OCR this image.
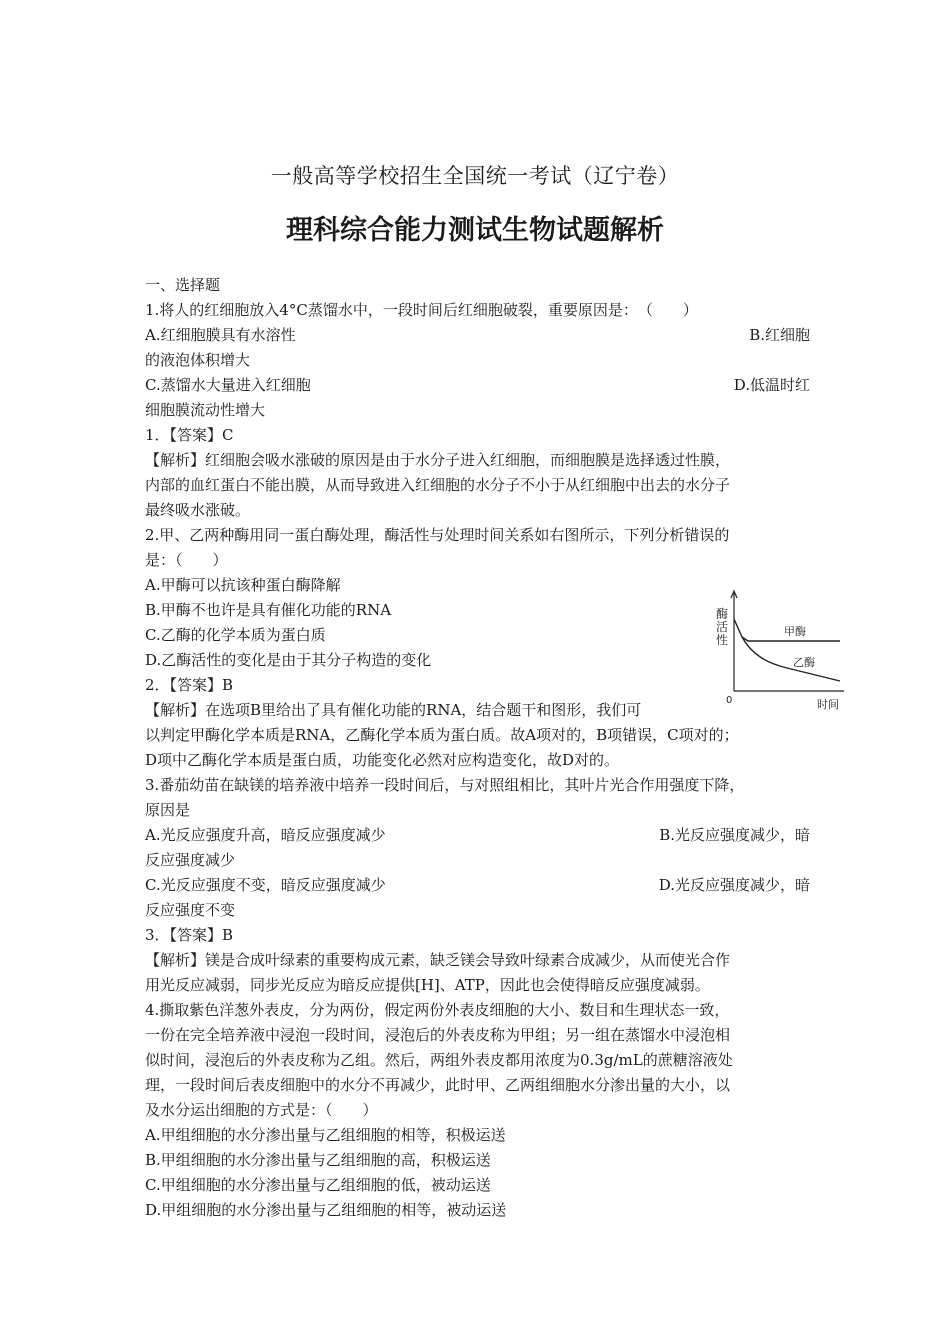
一般高等学校招生全国统一考试（辽宁卷）
理科综合能力测试生物试题解析
一、选择题
1.将人的红细胞放入4°C蒸馏水中，一段时间后红细胞破裂，重要原因是：　（　　）
A.红细胞膜具有水溶性	B.红细胞
的液泡体积增大
C.蒸馏水大量进入红细胞	D.低温时红
细胞膜流动性增大
1．【答案】C
【解析】红细胞会吸水涨破的原因是由于水分子进入红细胞，而细胞膜是选择透过性膜，
内部的血红蛋白不能出膜，从而导致进入红细胞的水分子不小于从红细胞中出去的水分子
最终吸水涨破。
2.甲、乙两种酶用同一蛋白酶处理，酶活性与处理时间关系如右图所示，下列分析错误的
是：（　　）
A.甲酶可以抗该种蛋白酶降解
B.甲酶不也许是具有催化功能的RNA
C.乙酶的化学本质为蛋白质
D.乙酶活性的变化是由于其分子构造的变化
2．【答案】B
【解析】在选项B里给出了具有催化功能的RNA，结合题干和图形，我们可
以判定甲酶化学本质是RNA，乙酶化学本质为蛋白质。故A项对的，B项错误，C项对的；
D项中乙酶化学本质是蛋白质，功能变化必然对应构造变化，故D对的。
3.番茄幼苗在缺镁的培养液中培养一段时间后，与对照组相比，其叶片光合作用强度下降，
原因是
A.光反应强度升高，暗反应强度减少	B.光反应强度减少，暗
反应强度减少
C.光反应强度不变，暗反应强度减少	D.光反应强度减少，暗
反应强度不变
3．【答案】B
【解析】镁是合成叶绿素的重要构成元素，缺乏镁会导致叶绿素合成减少，从而使光合作
用光反应减弱，同步光反应为暗反应提供[H]、ATP，因此也会使得暗反应强度减弱。
4.撕取紫色洋葱外表皮，分为两份，假定两份外表皮细胞的大小、数目和生理状态一致，
一份在完全培养液中浸泡一段时间，浸泡后的外表皮称为甲组；另一组在蒸馏水中浸泡相
似时间，浸泡后的外表皮称为乙组。然后，两组外表皮都用浓度为0.3g/mL的蔗糖溶液处
理，一段时间后表皮细胞中的水分不再减少，此时甲、乙两组细胞水分渗出量的大小，以
及水分运出细胞的方式是：（　　）
A.甲组细胞的水分渗出量与乙组细胞的相等，积极运送
B.甲组细胞的水分渗出量与乙组细胞的高，积极运送
C.甲组细胞的水分渗出量与乙组细胞的低，被动运送
D.甲组细胞的水分渗出量与乙组细胞的相等，被动运送
酶
活
性
甲酶
乙酶
0	时间
